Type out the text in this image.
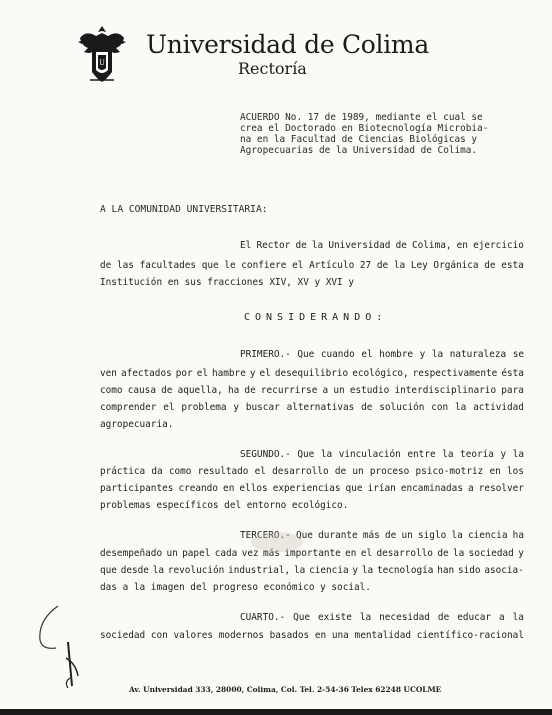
U
Universidad de Colima
Rectoría
ACUERDO No. 17 de 1989, mediante el cual se
crea el Doctorado en Biotecnología Microbia-
na en la Facultad de Ciencias Biológicas y
Agropecuarias de la Universidad de Colima.
A LA COMUNIDAD UNIVERSITARIA:
El Rector de la Universidad de Colima, en ejercicio
de las facultades que le confiere el Artículo 27 de la Ley Orgánica de esta
Institución en sus fracciones XIV, XV y XVI y
CONSIDERANDO:
PRIMERO.- Que cuando el hombre y la naturaleza se
ven afectados por el hambre y el desequilibrio ecológico, respectivamente ésta
como causa de aquella, ha de recurrirse a un estudio interdisciplinario para
comprender el problema y buscar alternativas de solución con la actividad
agropecuaria.
SEGUNDO.- Que la vinculación entre la teoría y la
práctica da como resultado el desarrollo de un proceso psico-motriz en los
participantes creando en ellos experiencias que irían encaminadas a resolver
problemas específicos del entorno ecológico.
TERCERO.- Que durante más de un siglo la ciencia ha
desempeñado un papel cada vez más importante en el desarrollo de la sociedad y
que desde la revolución industrial, la ciencia y la tecnología han sido asocia-
das a la imagen del progreso económico y social.
CUARTO.- Que existe la necesidad de educar a la
sociedad con valores modernos basados en una mentalidad científico-racional
Av. Universidad 333, 28000, Colima, Col. Tel. 2-54-36 Telex 62248 UCOLME
